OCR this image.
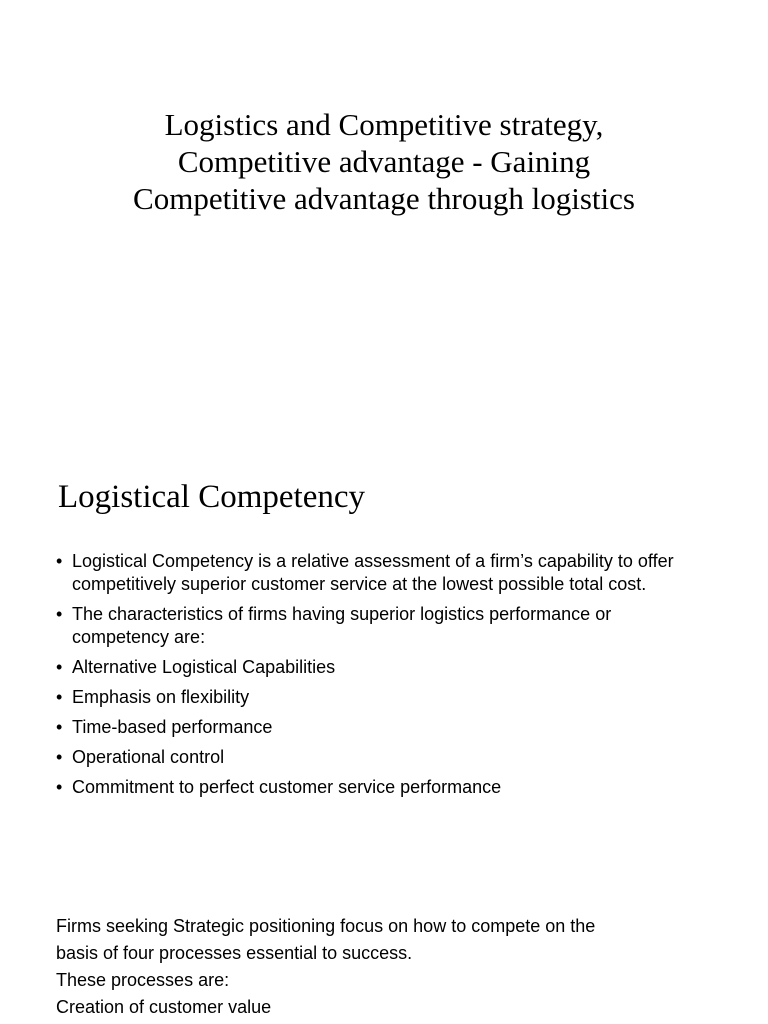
Logistics and Competitive strategy,
Competitive advantage - Gaining
Competitive advantage through logistics
Logistical Competency
• Logistical Competency is a relative assessment of a firm’s capability to offer
competitively superior customer service at the lowest possible total cost.
• The characteristics of firms having superior logistics performance or
competency are:
• Alternative Logistical Capabilities
• Emphasis on flexibility
• Time-based performance
• Operational control
• Commitment to perfect customer service performance

Firms seeking Strategic positioning focus on how to compete on the
basis of four processes essential to success.
These processes are:
Creation of customer value
